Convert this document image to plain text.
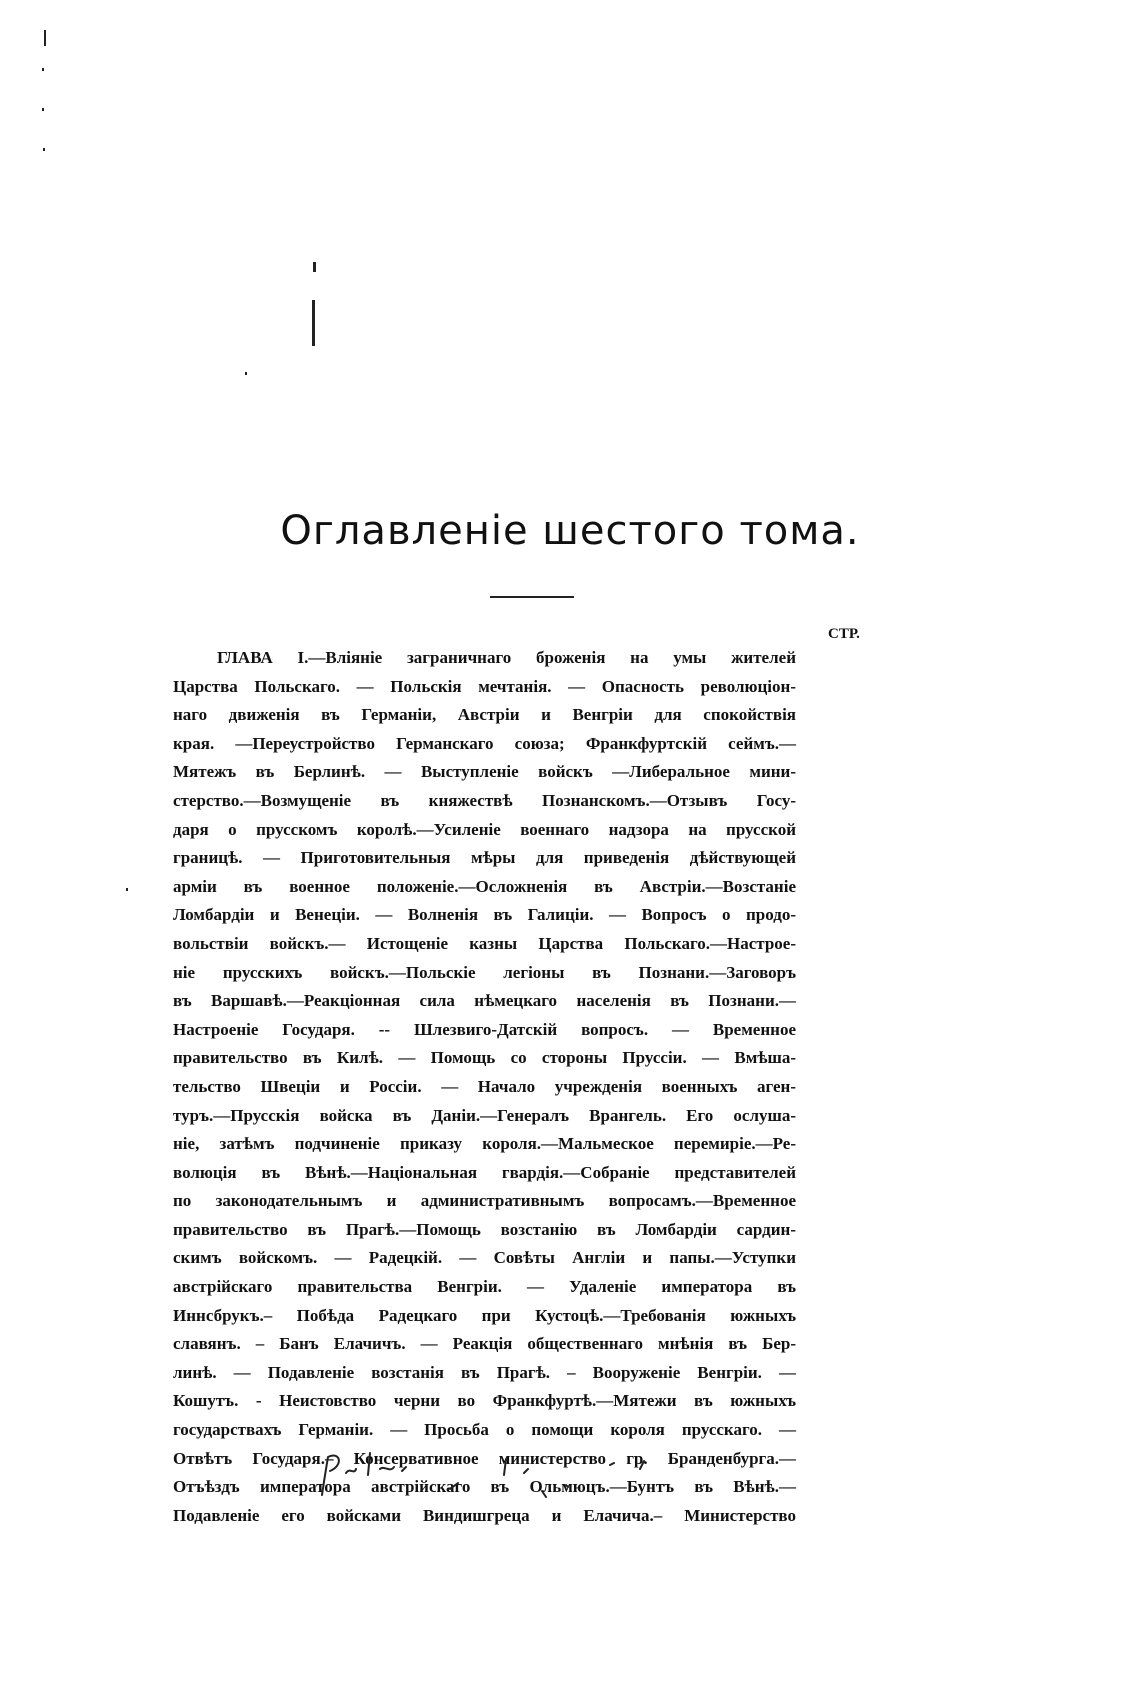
Оглавленіе шестого тома.
СТР.
ГЛАВА I.—Вліяніе заграничнаго броженія на умы жителей
Царства Польскаго. — Польскія мечтанія. — Опасность революціон-
наго движенія въ Германіи, Австріи и Венгріи для спокойствія
края. —Переустройство Германскаго союза; Франкфуртскій сеймъ.—
Мятежъ въ Берлинѣ. — Выступленіе войскъ —Либеральное мини-
стерство.—Возмущеніе въ княжествѣ Познанскомъ.—Отзывъ Госу-
даря о прусскомъ королѣ.—Усиленіе военнаго надзора на прусской
границѣ. — Приготовительныя мѣры для приведенія дѣйствующей
арміи въ военное положеніе.—Осложненія въ Австріи.—Возстаніе
Ломбардіи и Венеціи. — Волненія въ Галиціи. — Вопросъ о продо-
вольствіи войскъ.— Истощеніе казны Царства Польскаго.—Настрое-
ніе прусскихъ войскъ.—Польскіе легіоны въ Познани.—Заговоръ
въ Варшавѣ.—Реакціонная сила нѣмецкаго населенія въ Познани.—
Настроеніе Государя. -- Шлезвиго-Датскій вопросъ. — Временное
правительство въ Килѣ. — Помощь со стороны Пруссіи. — Вмѣша-
тельство Швеціи и Россіи. — Начало учрежденія военныхъ аген-
туръ.—Прусскія войска въ Даніи.—Генералъ Врангель. Его ослуша-
ніе, затѣмъ подчиненіе приказу короля.—Мальмеское перемиріе.—Ре-
волюція въ Вѣнѣ.—Національная гвардія.—Собраніе представителей
по законодательнымъ и административнымъ вопросамъ.—Временное
правительство въ Прагѣ.—Помощь возстанію въ Ломбардіи сардин-
скимъ войскомъ. — Радецкій. — Совѣты Англіи и папы.—Уступки
австрійскаго правительства Венгріи. — Удаленіе императора въ
Иннсбрукъ.– Побѣда Радецкаго при Кустоцѣ.—Требованія южныхъ
славянъ. – Банъ Елачичъ. — Реакція общественнаго мнѣнія въ Бер-
линѣ. — Подавленіе возстанія въ Прагѣ. – Вооруженіе Венгріи. —
Кошутъ. - Неистовство черни во Франкфуртѣ.—Мятежи въ южныхъ
государствахъ Германіи. — Просьба о помощи короля прусскаго. —
Отвѣтъ Государя.– Консервативное министерство гр. Бранденбурга.—
Отъѣздъ императора австрійскаго въ Ольмюцъ.—Бунтъ въ Вѣнѣ.—
Подавленіе его войсками Виндишгреца и Елачича.– Министерство
